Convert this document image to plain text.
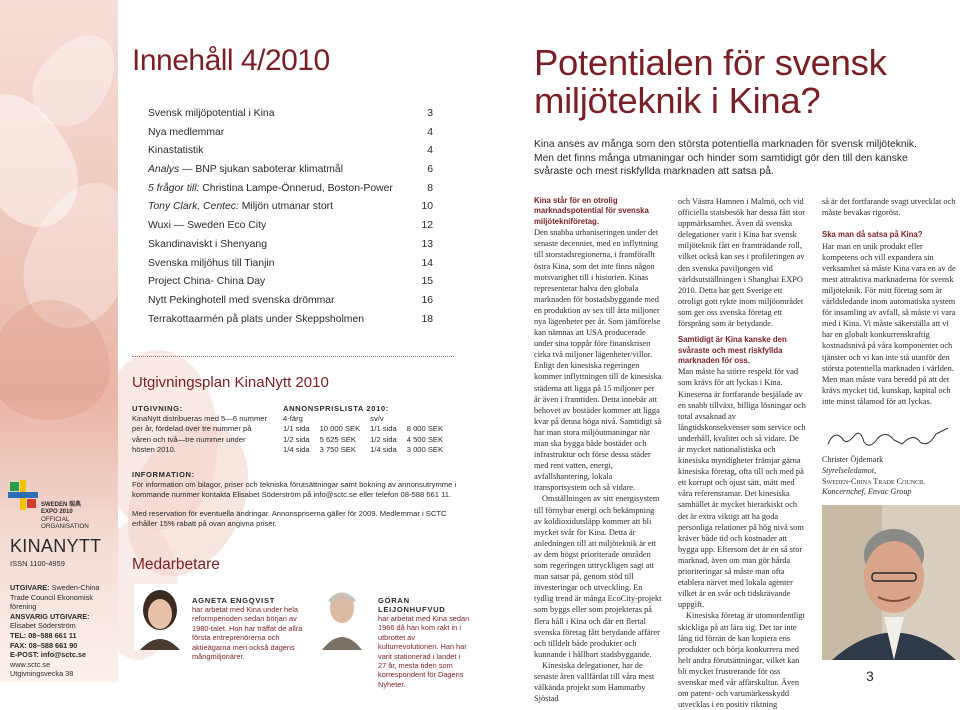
SWEDEN 瑞典
EXPO 2010
OFFICIAL ORGANISATION
KINANYTT
ISSN 1100-4959
UTGIVARE: Sweden-China Trade Council Ekonomisk förening
ANSVARIG UTGIVARE:
Elisabet Söderström
TEL: 08–588 661 11
FAX: 08–588 661 90
E-POST: info@sctc.se
www.sctc.se
Utgivningsvecka 38
Innehåll 4/2010
Svensk miljöpotential i Kina	3
Nya medlemmar	4
Kinastatistik	4
Analys — BNP sjukan saboterar klimatmål	6
5 frågor till: Christina Lampe-Önnerud, Boston-Power	8
Tony Clark, Centec: Miljön utmanar stort	10
Wuxi — Sweden Eco City	12
Skandinaviskt i Shenyang	13
Svenska miljöhus till Tianjin	14
Project China- China Day	15
Nytt Pekinghotell med svenska drömmar	16
Terrakottaarmén på plats under Skeppsholmen	18
Utgivningsplan KinaNytt 2010
UTGIVNING:
KinaNytt distribueras med 5—6 nummer per år, fördelad över tre nummer på våren och två—tre nummer under hösten 2010.
ANNONSPRISLISTA 2010:
4-färg		sv/v	
1/1 sida	10 000 SEK	1/1 sida	8 000 SEK
1/2 sida	5 625 SEK	1/2 sida	4 500 SEK
1/4 sida	3 750 SEK	1/4 sida	3 000 SEK
INFORMATION:
För information om bilagor, priser och tekniska förutsättningar samt bokning av annonsutrymme i kommande nummer kontakta Elisabet Söderström på info@sctc.se eller telefon 08-588 661 11.
Med reservation för eventuella ändringar. Annonspriserna gäller för 2009. Medlemmar i SCTC erhåller 15% rabatt på ovan angivna priser.
Medarbetare
AGNETA ENGQVIST
har arbetat med Kina under hela reformperioden sedan början av 1980-talet. Hon har träffat de allra första entreprenörerna och aktieägarna men också dagens mångmiljonärer.
GÖRAN LEIJONHUFVUD
har arbetat med Kina sedan 1966 då han kom rakt in i utbrottet av kulturrevolutionen. Han har varit stationerad i landet i 27 år, mesta tiden som korrespondent för Dagens Nyheter.
Potentialen för svensk miljöteknik i Kina?
Kina anses av många som den största potentiella marknaden för svensk miljöteknik. Men det finns många utmaningar och hinder som samtidigt gör den till den kanske svåraste och mest riskfyllda marknaden att satsa på.

Kina står för en otrolig marknadspotential för svenska miljötekniföretag.

Den snabba urbaniseringen under det senaste decenniet, med en inflyttning till storstadsregionerna, i framförallt östra Kina, som det inte finns någon motsvarighet till i historien. Kinas representerar halva den globala marknaden för bostadsbyggande med en produktion av sex till åtta miljoner nya lägenheter per år. Som jämförelse kan nämnas att USA producerade under sina toppår före finanskrisen cirka två miljoner lägenheter/villor. Enligt den kinesiska regeringen kommer inflyttningen till de kinesiska städerna att ligga på 15 miljoner per år även i framtiden. Detta innebär att behovet av bostäder kommer att ligga kvar på denna höga nivå. Samtidigt så har man stora miljöutmaningar när man ska bygga både bostäder och infrastruktur och förse dessa städer med rent vatten, energi, avfallshantering, lokala transportsystem och så vidare.

Omställningen av sitt energisystem till förnybar energi och bekämpning av koldioxidutsläpp kommer att bli mycket svår för Kina. Detta är anledningen till att miljöteknik är ett av dem högst prioriterade områden som regeringen uttryckligen sagt att man satsar på, genom stöd till investeringar och utveckling. En tydlig trend är många EcoCity-projekt som byggs eller som projekteras på flera håll i Kina och där ett flertal svenska företag fått betydande affärer och tilldelt både produkter och kunnande i hållbart stadsbyggande.

Kinesiska delegationer, har de senaste åren vallfärdat till våra mest välkända projekt som Hammarby Sjöstad

och Västra Hamnen i Malmö, och vid officiella statsbesök har dessa fått stor uppmärksamhet. Även då svenska delegationer varit i Kina har svensk miljöteknik fått en framträdande roll, vilket också kan ses i profileringen av den svenska paviljongen vid världsutställningen i Shanghai EXPO 2010. Detta har gett Sverige ett otroligt gott rykte inom miljöområdet som ger oss svenska företag ett försprång som är betydande.

Samtidigt är Kina kanske den svåraste och mest riskfyllda marknaden för oss.

Man måste ha större respekt för vad som krävs för att lyckas i Kina. Kineserna är fortfarande besjälade av en snabb tillväxt, billiga lösningar och total avsaknad av långtidskonsekvenser som service och underhåll, kvalitet och så vidare. De är mycket nationalistiska och kinesiska myndigheter främjar gärna kinesiska företag, ofta till och med på ett korrupt och ojust sätt, mätt med våra referensramar. Det kinesiska samhället är mycket hierarkiskt och det är extra viktigt att ha goda personliga relationer på hög nivå som kräver både tid och kostnader att bygga upp. Eftersom det är en så stor marknad, även om man gör hårda prioriteringar så måste man ofta etablera närvet med lokala agenter vilket är en svår och tidskrävande uppgift.

Kinesiska företag är utomordentligt skickliga på att lära sig. Det tar inte lång tid förrän de kan kopiera ens produkter och börja konkurrera med helt andra förutsättningar, vilket kan bli mycket frustrerande för oss svenskar med vår affärskultur. Även om patent- och varumärkesskydd utvecklas i en positiv riktning

så är det fortfarande svagt utvecklat och måste bevakas rigoröst.

Ska man då satsa på Kina?

Har man en unik produkt eller kompetens och vill expandera sin verksamhet så måste Kina vara en av de mest attraktiva marknaderna för svensk miljöteknik. För mitt företag som är världsledande inom automatiska system för insamling av avfall, så måste vi vara med i Kina. Vi måste säkerställa att vi har en globalt konkurrenskraftig kostnadsnivå på våra komponenter och tjänster och vi kan inte stå utanför den största potentiella marknaden i världen. Men man måste vara beredd på att det krävs mycket tid, kunskap, kapital och inte minst tålamod för att lyckas.

Christer Öjdemark
Styrelseledamot,
Sweden-China Trade Council
Koncernchef, Envac Group
3
